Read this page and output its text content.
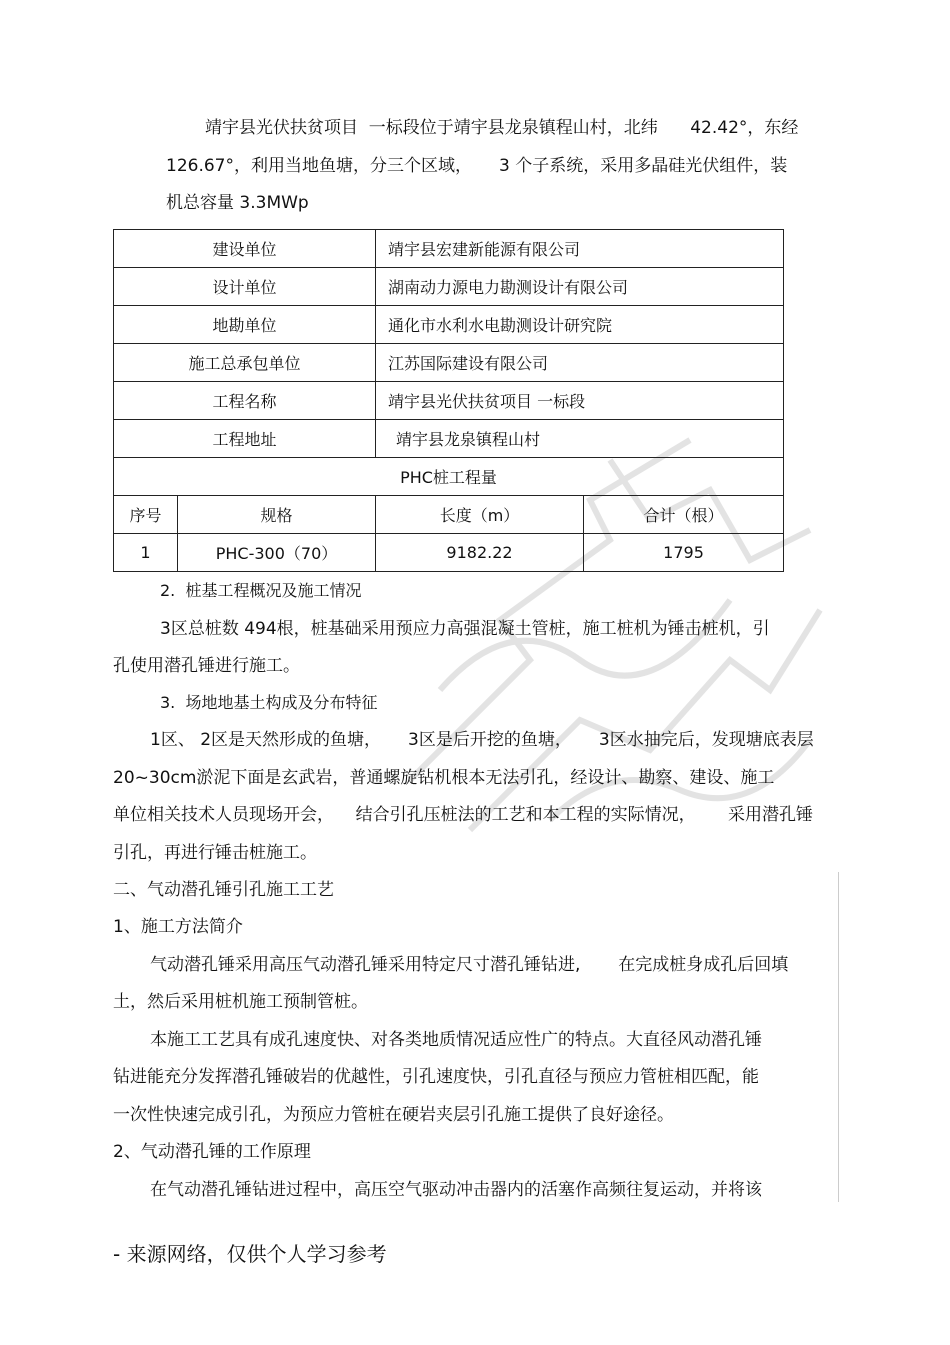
靖宇县光伏扶贫项目  一标段位于靖宇县龙泉镇程山村，北纬      42.42°，东经
126.67°，利用当地鱼塘，分三个区域，     3 个子系统，采用多晶硅光伏组件，装
机总容量 3.3MWp
建设单位		靖宇县宏建新能源有限公司	
设计单位		湖南动力源电力勘测设计有限公司	
地勘单位		通化市水利水电勘测设计研究院	
施工总承包单位		江苏国际建设有限公司	
工程名称		靖宇县光伏扶贫项目 一标段	
工程地址		靖宇县龙泉镇程山村	
PHC桩工程量			
序号	规格	长度（m）	合计（根）
1	PHC-300（70）	9182.22	1795
2.  桩基工程概况及施工情况
3区总桩数 494根，桩基础采用预应力高强混凝土管桩，施工桩机为锤击桩机，引
孔使用潜孔锤进行施工。
3.  场地地基土构成及分布特征
1区、 2区是天然形成的鱼塘，     3区是后开挖的鱼塘，     3区水抽完后，发现塘底表层
20~30cm淤泥下面是玄武岩，普通螺旋钻机根本无法引孔，经设计、勘察、建设、施工
单位相关技术人员现场开会，    结合引孔压桩法的工艺和本工程的实际情况，      采用潜孔锤
引孔，再进行锤击桩施工。
二、气动潜孔锤引孔施工工艺
1、施工方法简介
气动潜孔锤采用高压气动潜孔锤采用特定尺寸潜孔锤钻进,       在完成桩身成孔后回填
土，然后采用桩机施工预制管桩。
本施工工艺具有成孔速度快、对各类地质情况适应性广的特点。大直径风动潜孔锤
钻进能充分发挥潜孔锤破岩的优越性，引孔速度快，引孔直径与预应力管桩相匹配，能
一次性快速完成引孔，为预应力管桩在硬岩夹层引孔施工提供了良好途径。
2、气动潜孔锤的工作原理
在气动潜孔锤钻进过程中，高压空气驱动冲击器内的活塞作高频往复运动，并将该
- 来源网络，仅供个人学习参考
